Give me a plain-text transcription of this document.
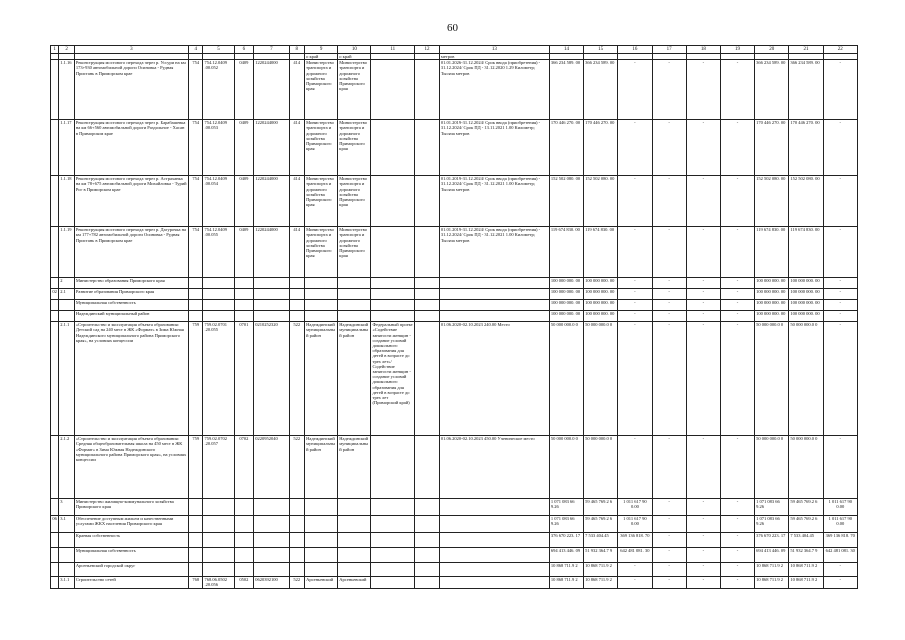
60
1	2	3	4	5	6	7	8	9	10	11	12	13	14	15	16	17	18	19	20	21	22
								о край	о край			метров									
	1.1.16	Реконструкция мостового перехода через р. Уссури на км 173+930 автомобильной дороги Осиновка - Рудная Пристань в Приморском крае	754	754.12.0409 .00.052	0409	1220244000	414	Министерство транспорта и дорожного хозяйства Приморского края	Министерство транспорта и дорожного хозяйства Приморского края			01.01.2026-31.12.2024/ Срок ввода (приобретения) - 31.12.2024/ Срок ПД - 31.12.2020 1.29 Километр; Тысяча метров	366 234 589. 00	366 234 589. 00	-	-	-	-	366 234 589. 00	366 234 589. 00	-
	1.1.17	Реконструкция мостового перехода через р. Барабашевка на км 66+560 автомобильной дороги Раздольное - Хасан в Приморском крае	754	754.12.0409 .00.053	0409	1220244000	414	Министерство транспорта и дорожного хозяйства Приморского края	Министерство транспорта и дорожного хозяйства Приморского края			01.01.2019-31.12.2024/ Срок ввода (приобретения) - 31.12.2024/ Срок ПД - 13.11.2021 1.00 Километр; Тысяча метров	170 446 270. 00	170 446 270. 00	-	-	-	-	170 446 270. 00	170 446 270. 00	-
	1.1.18	Реконструкция мостового перехода через р. Астраханка на км 78+675 автомобильной дороги Михайловка - Турий Рог в Приморском крае	754	754.12.0409 .00.054	0409	1220244000	414	Министерство транспорта и дорожного хозяйства Приморского края	Министерство транспорта и дорожного хозяйства Приморского края			01.01.2019-31.12.2024/ Срок ввода (приобретения) - 31.12.2024/ Срок ПД - 31.12.2021 1.00 Километр; Тысяча метров	152 502 080. 00	152 502 080. 00	-	-	-	-	152 502 080. 00	152 502 080. 00	-
	1.1.19	Реконструкция мостового перехода через р. Дагурочка на км 177+782 автомобильной дороги Осиновка - Рудная Пристань в Приморском крае	754	754.12.0409 .00.055	0409	1220244000	414	Министерство транспорта и дорожного хозяйства Приморского края	Министерство транспорта и дорожного хозяйства Приморского края			01.01.2019-31.12.2024/ Срок ввода (приобретения) - 31.12.2024/ Срок ПД - 31.12.2021 1.00 Километр; Тысяча метров	119 674 830. 00	119 674 830. 00	-	-	-	-	119 674 830. 00	119 674 830. 00	-
	2	Министерство образования Приморского края											100 000 000. 00	100 000 000. 00	-	-	-	-	100 000 000. 00	100 000 000. 00	-
02	2.1	Развитие образования Приморского края											100 000 000. 00	100 000 000. 00	-	-	-	-	100 000 000. 00	100 000 000. 00	-
		Муниципальная собственность											100 000 000. 00	100 000 000. 00	-	-	-	-	100 000 000. 00	100 000 000. 00	-
		Надеждинский муниципальный район											100 000 000. 00	100 000 000. 00	-	-	-	-	100 000 000. 00	100 000 000. 00	-
	2.1.1	«Строительство и эксплуатация объекта образования: Детский сад на 240 мест в ЖК «Формат» в Зима Южная Надеждинского муниципального района Приморского края», на условиях концессии	759	759.02.0701 .20.055	0701	0210252320	522	Надеждинский муниципальный район	Надеждинский муниципальный район	Федеральный проект «Содействие занятости женщин - создание условий дошкольного образования для детей в возрасте до трех лет»/Содействие занятости женщин - создание условий дошкольного образования для детей в возрасте до трех лет (Приморский край)		01.06.2020-02.10.2023 240.00 Место	50 000 000.0 0	50 000 000.0 0	-	-	-	-	50 000 000.0 0	50 000 000.0 0	-
	2.1.2	«Строительство и эксплуатация объекта образования: Средняя общеобразовательная школа на 450 мест в ЖК «Формат» в Зима Южная Надеждинского муниципального района Приморского края», на условиях концессии	759	759.02.0702 .20.057	0702	0220952040	522	Надеждинский муниципальный район	Надеждинский муниципальный район			01.06.2020-02.10.2023 450.00 Ученическое место	50 000 000.0 0	50 000 000.0 0	-	-	-	-	50 000 000.0 0	50 000 000.0 0	-
	3	Министерство жилищно-коммунального хозяйства Приморского края											1 071 083 66 9.26	59 465 769.2 6	1 011 617 90 0.00	-	-	-	1 071 083 66 9.26	59 465 769.2 6	1 011 617 90 0.00
06	3.1	Обеспечение доступным жильем и качественными услугами ЖКХ населения Приморского края											1 071 083 66 9.26	59 465 769.2 6	1 011 617 90 0.00	-	-	-	1 071 083 66 9.26	59 465 769.2 6	1 011 617 90 0.00
		Краевая собственность											376 670 223. 17	7 533 404.45	369 136 818. 70	-	-	-	376 670 223. 17	7 533 404.45	369 136 818. 70
		Муниципальная собственность											694 413 446. 09	51 932 364.7 9	642 481 081. 30	-	-	-	694 413 446. 09	51 932 364.7 9	642 481 081. 30
		Арсеньевский городской округ											10 868 711.9 2	10 868 711.9 2	-	-	-	-	10 868 711.9 2	10 868 711.9 2	-
	3.1.1	Строительство сетей	768	768.06.0502 .20.056	0502	0620392100	522	Арсеньевский	Арсеньевский				10 868 711.9 2	10 868 711.9 2	-	-	-	-	10 868 711.9 2	10 868 711.9 2	-
